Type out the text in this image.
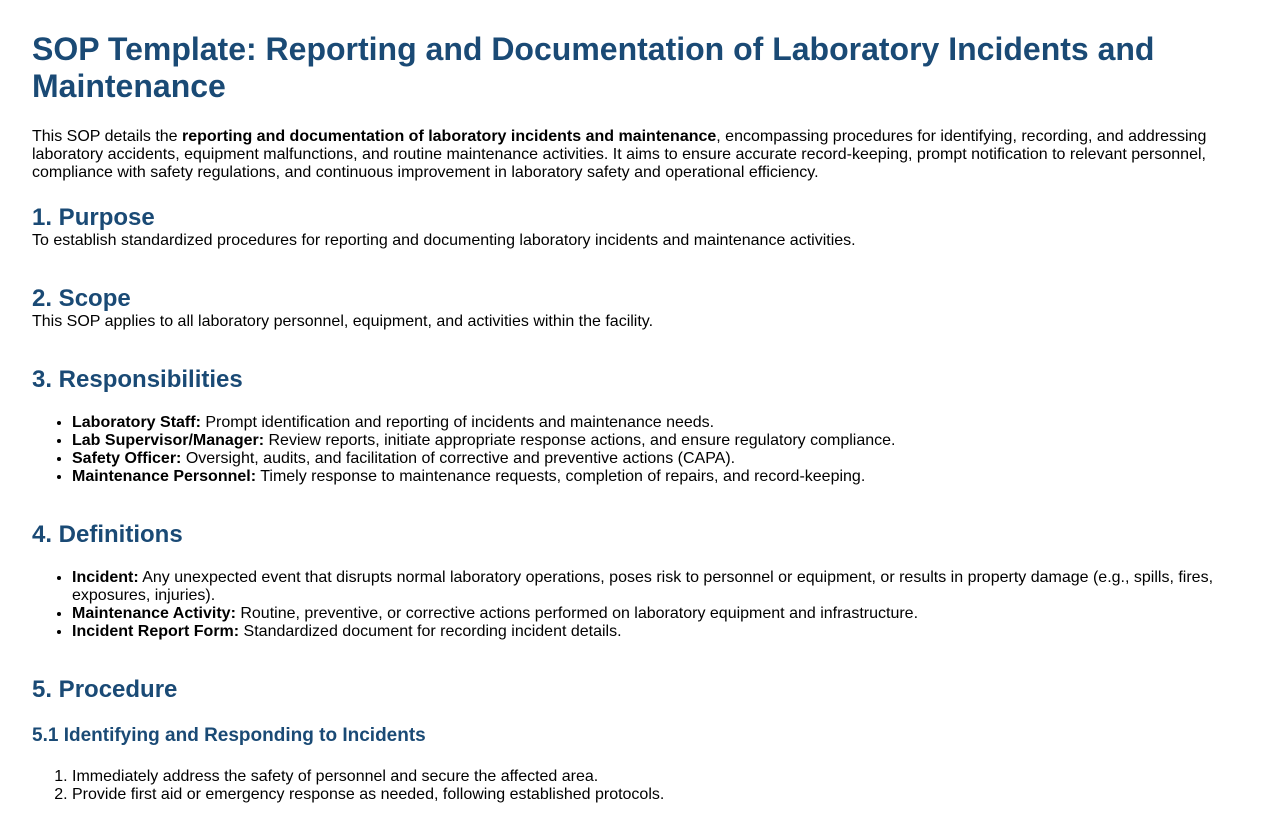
SOP Template: Reporting and Documentation of Laboratory Incidents and Maintenance

This SOP details the reporting and documentation of laboratory incidents and maintenance, encompassing procedures for identifying, recording, and addressing laboratory accidents, equipment malfunctions, and routine maintenance activities. It aims to ensure accurate record-keeping, prompt notification to relevant personnel, compliance with safety regulations, and continuous improvement in laboratory safety and operational efficiency.

1. Purpose

To establish standardized procedures for reporting and documenting laboratory incidents and maintenance activities.

2. Scope

This SOP applies to all laboratory personnel, equipment, and activities within the facility.

3. Responsibilities
• Laboratory Staff: Prompt identification and reporting of incidents and maintenance needs.
• Lab Supervisor/Manager: Review reports, initiate appropriate response actions, and ensure regulatory compliance.
• Safety Officer: Oversight, audits, and facilitation of corrective and preventive actions (CAPA).
• Maintenance Personnel: Timely response to maintenance requests, completion of repairs, and record-keeping.
4. Definitions
• Incident: Any unexpected event that disrupts normal laboratory operations, poses risk to personnel or equipment, or results in property damage (e.g., spills, fires, exposures, injuries).
• Maintenance Activity: Routine, preventive, or corrective actions performed on laboratory equipment and infrastructure.
• Incident Report Form: Standardized document for recording incident details.
5. Procedure
5.1 Identifying and Responding to Incidents
1. Immediately address the safety of personnel and secure the affected area.
2. Provide first aid or emergency response as needed, following established protocols.
